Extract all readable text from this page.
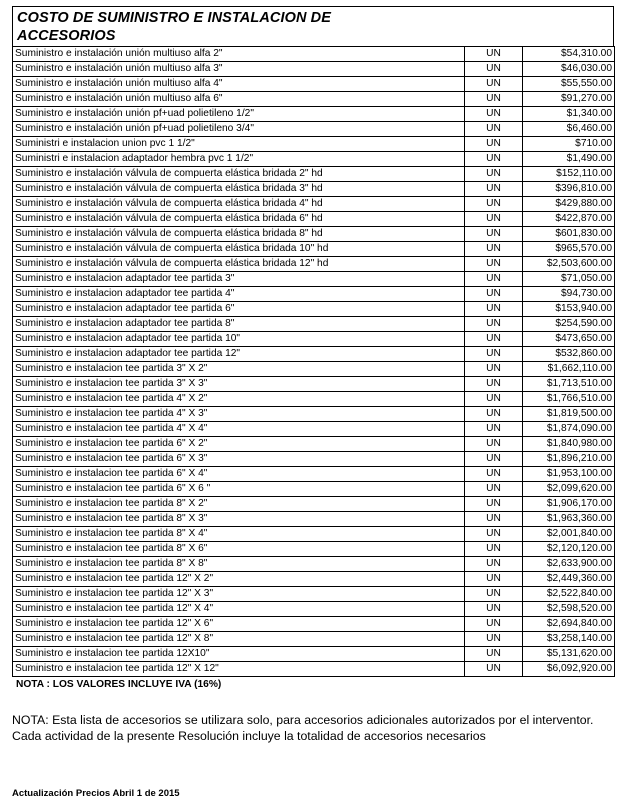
COSTO DE SUMINISTRO E INSTALACION DE
ACCESORIOS
Suministro e instalación unión multiuso alfa 2"	UN	$54,310.00
Suministro e instalación unión multiuso alfa 3"	UN	$46,030.00
Suministro e instalación unión multiuso alfa 4"	UN	$55,550.00
Suministro e instalación unión multiuso alfa 6"	UN	$91,270.00
Suministro e instalación unión pf+uad polietileno 1/2"	UN	$1,340.00
Suministro e instalación unión pf+uad polietileno 3/4"	UN	$6,460.00
Suministri e instalacion union pvc 1 1/2"	UN	$710.00
Suministri e instalacion adaptador hembra pvc 1 1/2"	UN	$1,490.00
Suministro e instalación válvula de compuerta elástica bridada 2" hd	UN	$152,110.00
Suministro e instalación válvula de compuerta elástica bridada 3" hd	UN	$396,810.00
Suministro e instalación válvula de compuerta elástica bridada 4" hd	UN	$429,880.00
Suministro e instalación válvula de compuerta elástica bridada 6" hd	UN	$422,870.00
Suministro e instalación válvula de compuerta elástica bridada 8" hd	UN	$601,830.00
Suministro e instalación válvula de compuerta elástica bridada 10" hd	UN	$965,570.00
Suministro e instalación válvula de compuerta elástica bridada 12" hd	UN	$2,503,600.00
Suministro e instalacion adaptador tee partida 3"	UN	$71,050.00
Suministro e instalacion adaptador tee partida 4"	UN	$94,730.00
Suministro e instalacion adaptador tee partida 6"	UN	$153,940.00
Suministro e instalacion adaptador tee partida 8"	UN	$254,590.00
Suministro e instalacion adaptador tee partida 10"	UN	$473,650.00
Suministro e instalacion adaptador tee partida 12"	UN	$532,860.00
Suministro e instalacion tee partida 3" X 2"	UN	$1,662,110.00
Suministro e instalacion tee partida 3" X 3"	UN	$1,713,510.00
Suministro e instalacion tee partida 4" X 2"	UN	$1,766,510.00
Suministro e instalacion tee partida 4" X 3"	UN	$1,819,500.00
Suministro e instalacion tee partida 4" X 4"	UN	$1,874,090.00
Suministro e instalacion tee partida 6" X 2"	UN	$1,840,980.00
Suministro e instalacion tee partida 6" X 3"	UN	$1,896,210.00
Suministro e instalacion tee partida 6" X 4"	UN	$1,953,100.00
Suministro e instalacion tee partida 6" X 6 "	UN	$2,099,620.00
Suministro e instalacion tee partida 8" X 2"	UN	$1,906,170.00
Suministro e instalacion tee partida 8" X 3"	UN	$1,963,360.00
Suministro e instalacion tee partida 8" X 4"	UN	$2,001,840.00
Suministro e instalacion tee partida 8" X 6"	UN	$2,120,120.00
Suministro e instalacion tee partida 8" X 8"	UN	$2,633,900.00
Suministro e instalacion tee partida 12" X 2"	UN	$2,449,360.00
Suministro e instalacion tee partida 12" X 3"	UN	$2,522,840.00
Suministro e instalacion tee partida 12" X 4"	UN	$2,598,520.00
Suministro e instalacion tee partida 12" X 6"	UN	$2,694,840.00
Suministro e instalacion tee partida 12" X 8"	UN	$3,258,140.00
Suministro e instalacion tee partida 12X10"	UN	$5,131,620.00
Suministro e instalacion tee partida 12" X 12"	UN	$6,092,920.00
NOTA : LOS VALORES INCLUYE IVA (16%)
NOTA: Esta lista de accesorios se utilizara solo, para accesorios adicionales autorizados por el interventor. Cada actividad de la presente Resolución incluye la totalidad de accesorios necesarios
Actualización Precios Abril 1 de 2015
